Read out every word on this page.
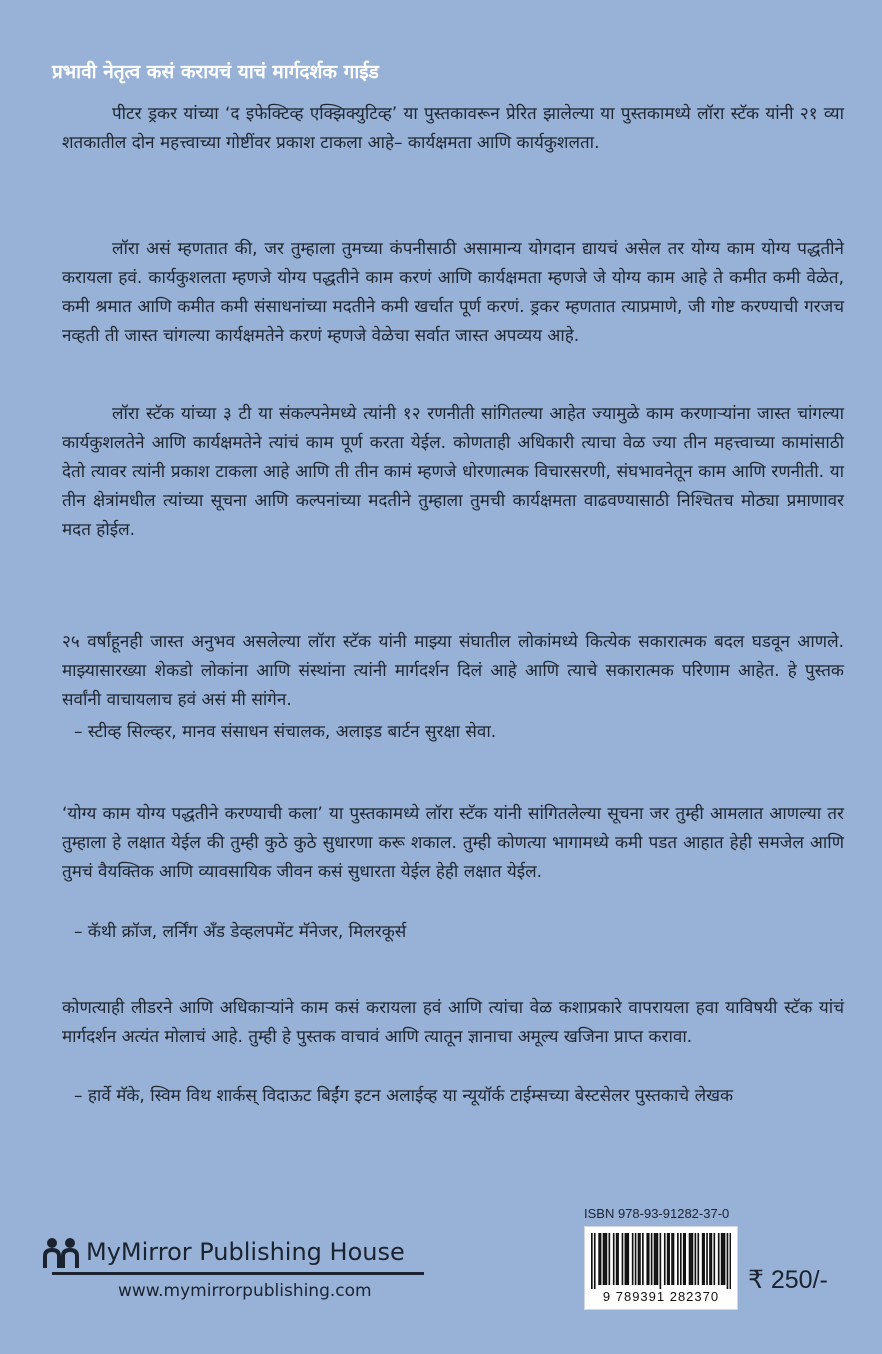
प्रभावी नेतृत्व कसं करायचं याचं मार्गदर्शक गाईड

पीटर ड्रकर यांच्या ‘द इफेक्टिव्ह एक्झिक्युटिव्ह’ या पुस्तकावरून प्रेरित झालेल्या या पुस्तकामध्ये लॉरा स्टॅक यांनी २१ व्या शतकातील दोन महत्त्वाच्या गोष्टींवर प्रकाश टाकला आहे– कार्यक्षमता आणि कार्यकुशलता.

लॉरा असं म्हणतात की, जर तुम्हाला तुमच्या कंपनीसाठी असामान्य योगदान द्यायचं असेल तर योग्य काम योग्य पद्धतीने करायला हवं. कार्यकुशलता म्हणजे योग्य पद्धतीने काम करणं आणि कार्यक्षमता म्हणजे जे योग्य काम आहे ते कमीत कमी वेळेत, कमी श्रमात आणि कमीत कमी संसाधनांच्या मदतीने कमी खर्चात पूर्ण करणं. ड्रकर म्हणतात त्याप्रमाणे, जी गोष्ट करण्याची गरजच नव्हती ती जास्त चांगल्या कार्यक्षमतेने करणं म्हणजे वेळेचा सर्वात जास्त अपव्यय आहे.

लॉरा स्टॅक यांच्या ३ टी या संकल्पनेमध्ये त्यांनी १२ रणनीती सांगितल्या आहेत ज्यामुळे काम करणाऱ्यांना जास्त चांगल्या कार्यकुशलतेने आणि कार्यक्षमतेने त्यांचं काम पूर्ण करता येईल. कोणताही अधिकारी त्याचा वेळ ज्या तीन महत्त्वाच्या कामांसाठी देतो त्यावर त्यांनी प्रकाश टाकला आहे आणि ती तीन कामं म्हणजे धोरणात्मक विचारसरणी, संघभावनेतून काम आणि रणनीती. या तीन क्षेत्रांमधील त्यांच्या सूचना आणि कल्पनांच्या मदतीने तुम्हाला तुमची कार्यक्षमता वाढवण्यासाठी निश्चितच मोठ्या प्रमाणावर मदत होईल.

२५ वर्षांहूनही जास्त अनुभव असलेल्या लॉरा स्टॅक यांनी माझ्या संघातील लोकांमध्ये कित्येक सकारात्मक बदल घडवून आणले. माझ्यासारख्या शेकडो लोकांना आणि संस्थांना त्यांनी मार्गदर्शन दिलं आहे आणि त्याचे सकारात्मक परिणाम आहेत. हे पुस्तक सर्वांनी वाचायलाच हवं असं मी सांगेन.

– स्टीव्ह सिल्व्हर, मानव संसाधन संचालक, अलाइड बार्टन सुरक्षा सेवा.

‘योग्य काम योग्य पद्धतीने करण्याची कला’ या पुस्तकामध्ये लॉरा स्टॅक यांनी सांगितलेल्या सूचना जर तुम्ही आमलात आणल्या तर तुम्हाला हे लक्षात येईल की तुम्ही कुठे कुठे सुधारणा करू शकाल. तुम्ही कोणत्या भागामध्ये कमी पडत आहात हेही समजेल आणि तुमचं वैयक्तिक आणि व्यावसायिक जीवन कसं सुधारता येईल हेही लक्षात येईल.

– कॅथी क्रॉज, लर्निंग अँड डेव्हलपमेंट मॅनेजर, मिलरकूर्स

कोणत्याही लीडरने आणि अधिकाऱ्यांने काम कसं करायला हवं आणि त्यांचा वेळ कशाप्रकारे वापरायला हवा याविषयी स्टॅक यांचं मार्गदर्शन अत्यंत मोलाचं आहे. तुम्ही हे पुस्तक वाचावं आणि त्यातून ज्ञानाचा अमूल्य खजिना प्राप्त करावा.

– हार्वे मॅके, स्विम विथ शार्कस् विदाऊट बिईंग इटन अलाईव्ह या न्यूयॉर्क टाईम्सच्या बेस्टसेलर पुस्तकाचे लेखक

MyMirror Publishing House
www.mymirrorpublishing.com
ISBN 978-93-91282-37-0
9 789391 282370
₹ 250/-
